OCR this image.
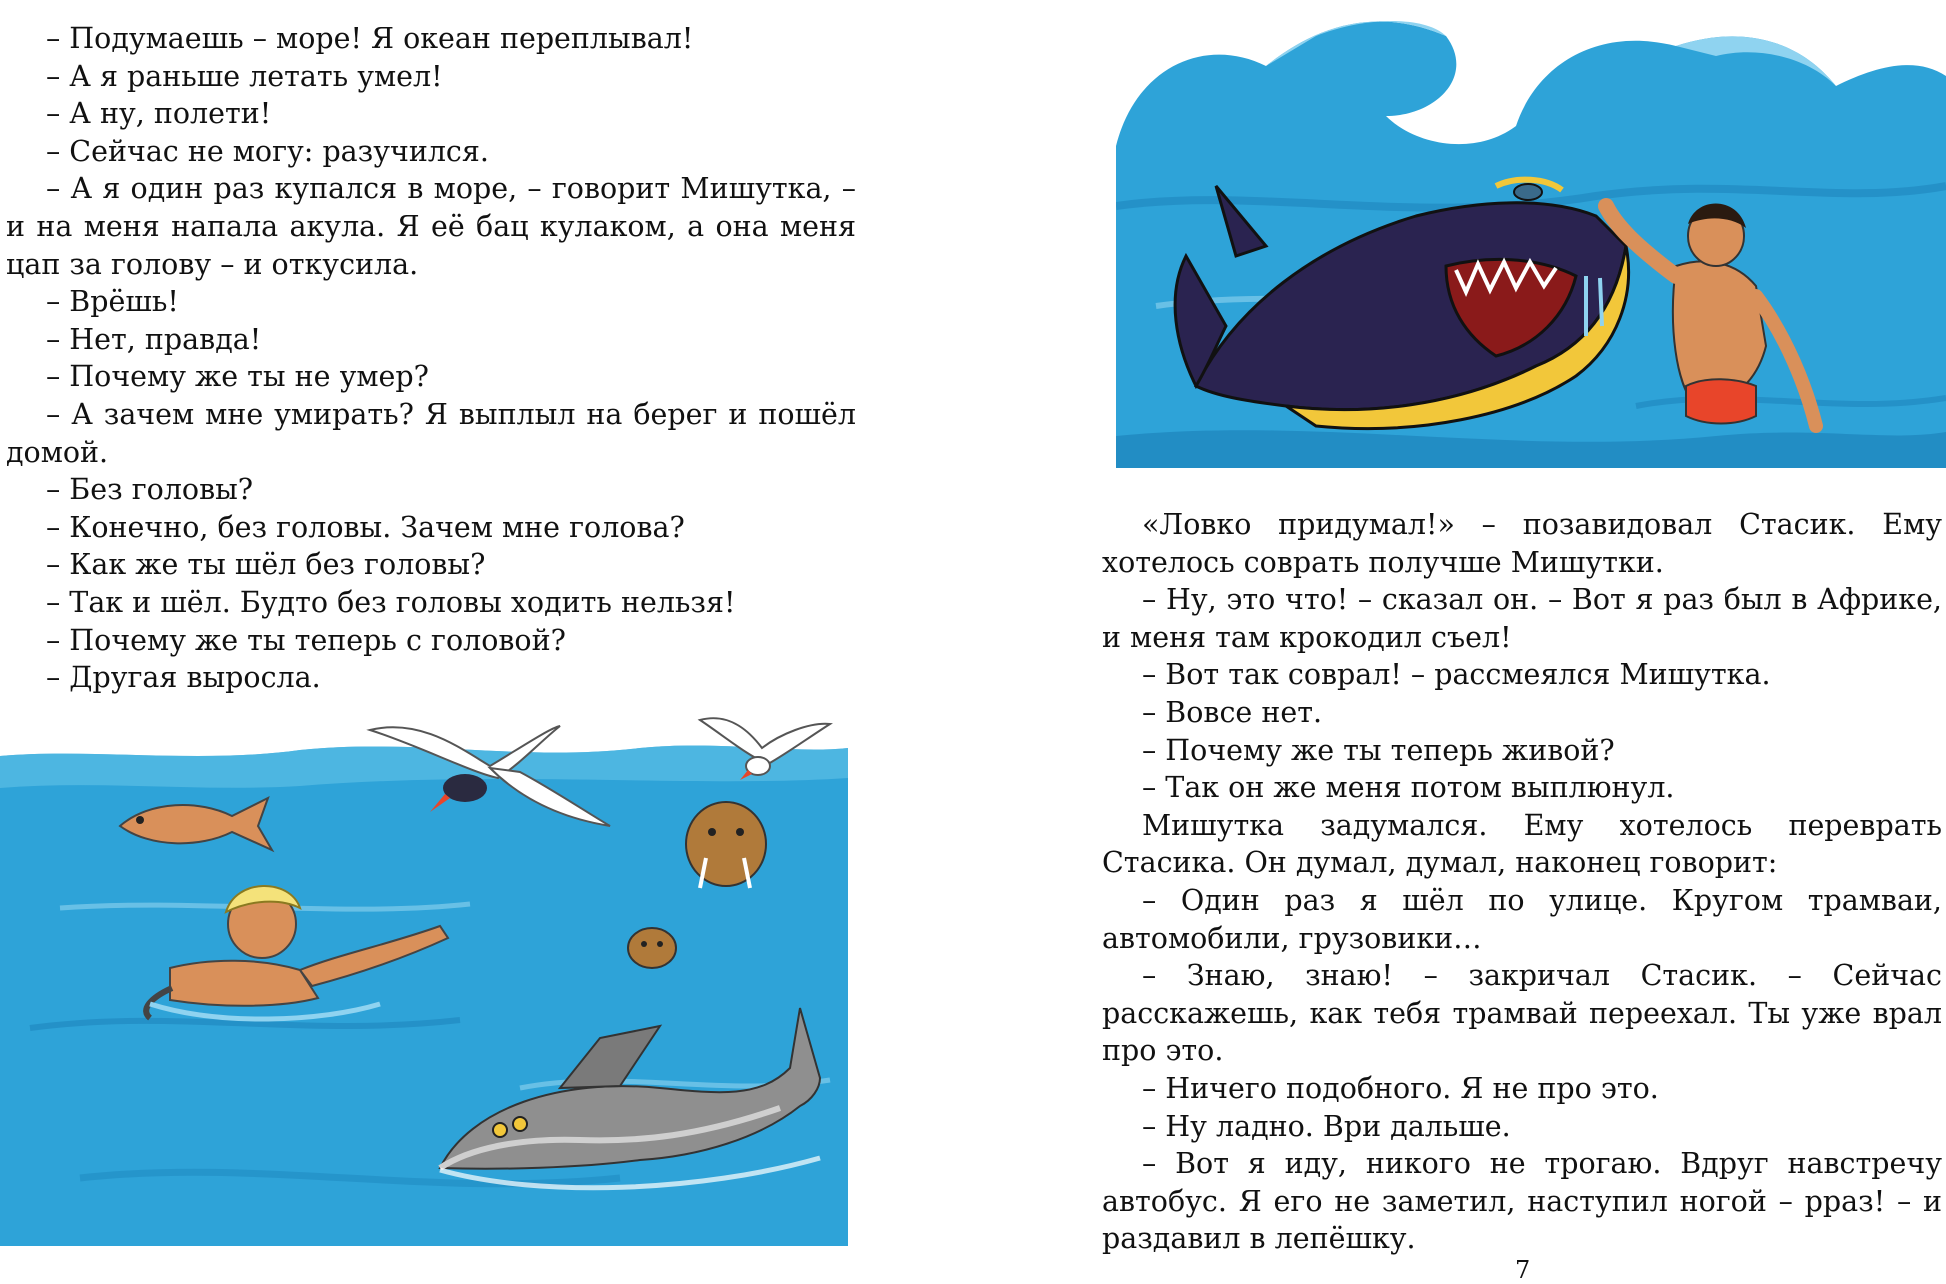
– Подумаешь – море! Я океан переплывал!

– А я раньше летать умел!

– А ну, полети!

– Сейчас не могу: разучился.

– А я один раз купался в море, – говорит Мишутка, – и на меня напала акула. Я её бац кулаком, а она меня цап за голову – и откусила.

– Врёшь!

– Нет, правда!

– Почему же ты не умер?

– А зачем мне умирать? Я выплыл на берег и пошёл домой.

– Без головы?

– Конечно, без головы. Зачем мне голова?

– Как же ты шёл без головы?

– Так и шёл. Будто без головы ходить нельзя!

– Почему же ты теперь с головой?

– Другая выросла.

«Ловко придумал!» – позавидовал Стасик. Ему хотелось соврать получше Мишутки.

– Ну, это что! – сказал он. – Вот я раз был в Африке, и меня там крокодил съел!

– Вот так соврал! – рассмеялся Мишутка.

– Вовсе нет.

– Почему же ты теперь живой?

– Так он же меня потом выплюнул.

Мишутка задумался. Ему хотелось переврать Стасика. Он думал, думал, наконец говорит:

– Один раз я шёл по улице. Кругом трамваи, автомобили, грузовики…

– Знаю, знаю! – закричал Стасик. – Сейчас расскажешь, как тебя трамвай переехал. Ты уже врал про это.

– Ничего подобного. Я не про это.

– Ну ладно. Ври дальше.

– Вот я иду, никого не трогаю. Вдруг навстречу автобус. Я его не заметил, наступил ногой – рраз! – и раздавил в лепёшку.

7
